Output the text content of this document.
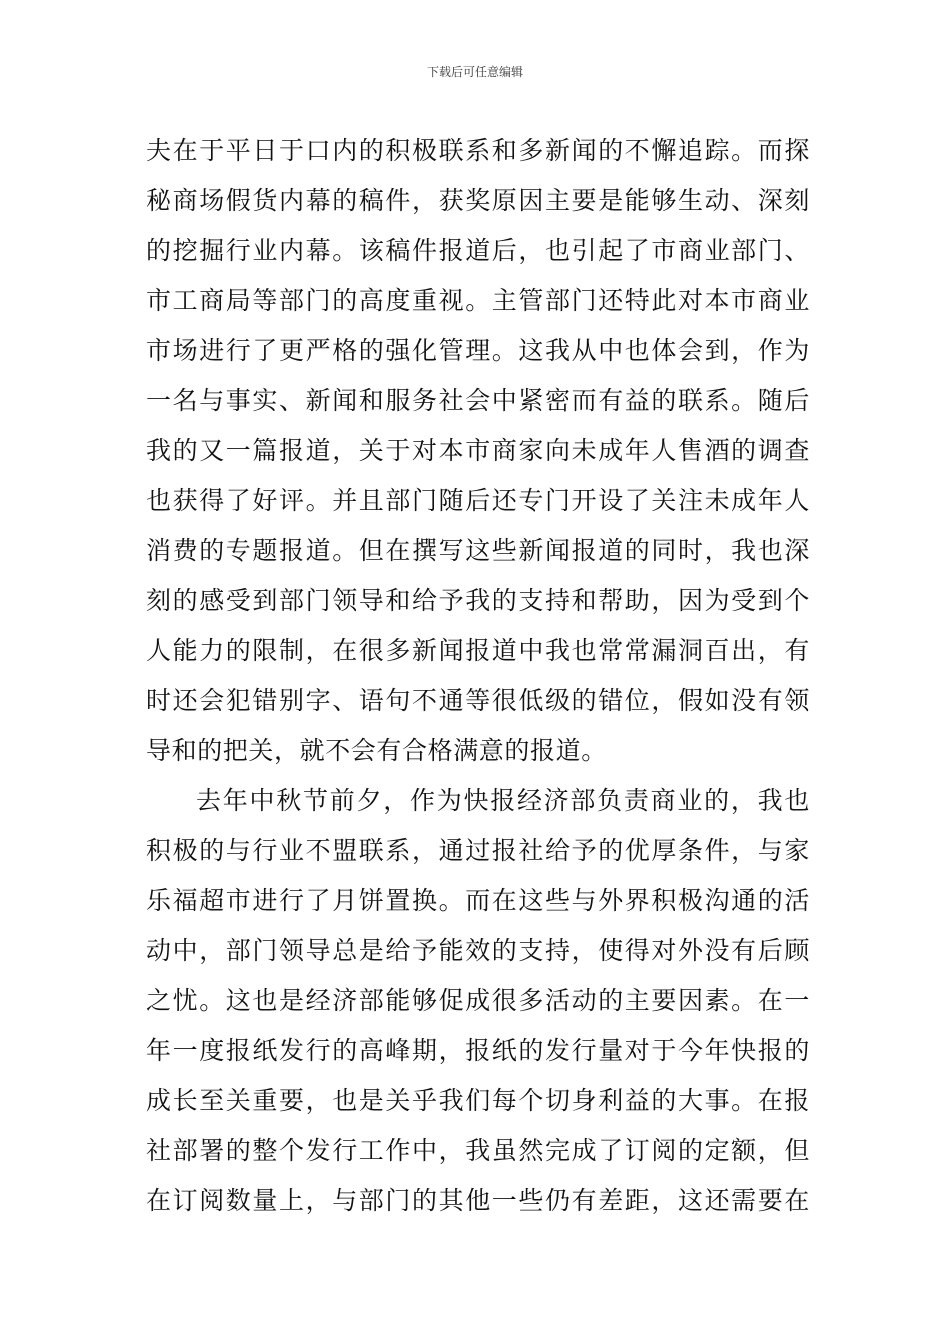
下载后可任意编辑
夫在于平日于口内的积极联系和多新闻的不懈追踪。而探
秘商场假货内幕的稿件，获奖原因主要是能够生动、深刻
的挖掘行业内幕。该稿件报道后，也引起了市商业部门、
市工商局等部门的高度重视。主管部门还特此对本市商业
市场进行了更严格的强化管理。这我从中也体会到，作为
一名与事实、新闻和服务社会中紧密而有益的联系。随后
我的又一篇报道，关于对本市商家向未成年人售酒的调查
也获得了好评。并且部门随后还专门开设了关注未成年人
消费的专题报道。但在撰写这些新闻报道的同时，我也深
刻的感受到部门领导和给予我的支持和帮助，因为受到个
人能力的限制，在很多新闻报道中我也常常漏洞百出，有
时还会犯错别字、语句不通等很低级的错位，假如没有领
导和的把关，就不会有合格满意的报道。
去年中秋节前夕，作为快报经济部负责商业的，我也
积极的与行业不盟联系，通过报社给予的优厚条件，与家
乐福超市进行了月饼置换。而在这些与外界积极沟通的活
动中，部门领导总是给予能效的支持，使得对外没有后顾
之忧。这也是经济部能够促成很多活动的主要因素。在一
年一度报纸发行的高峰期，报纸的发行量对于今年快报的
成长至关重要，也是关乎我们每个切身利益的大事。在报
社部署的整个发行工作中，我虽然完成了订阅的定额，但
在订阅数量上，与部门的其他一些仍有差距，这还需要在
